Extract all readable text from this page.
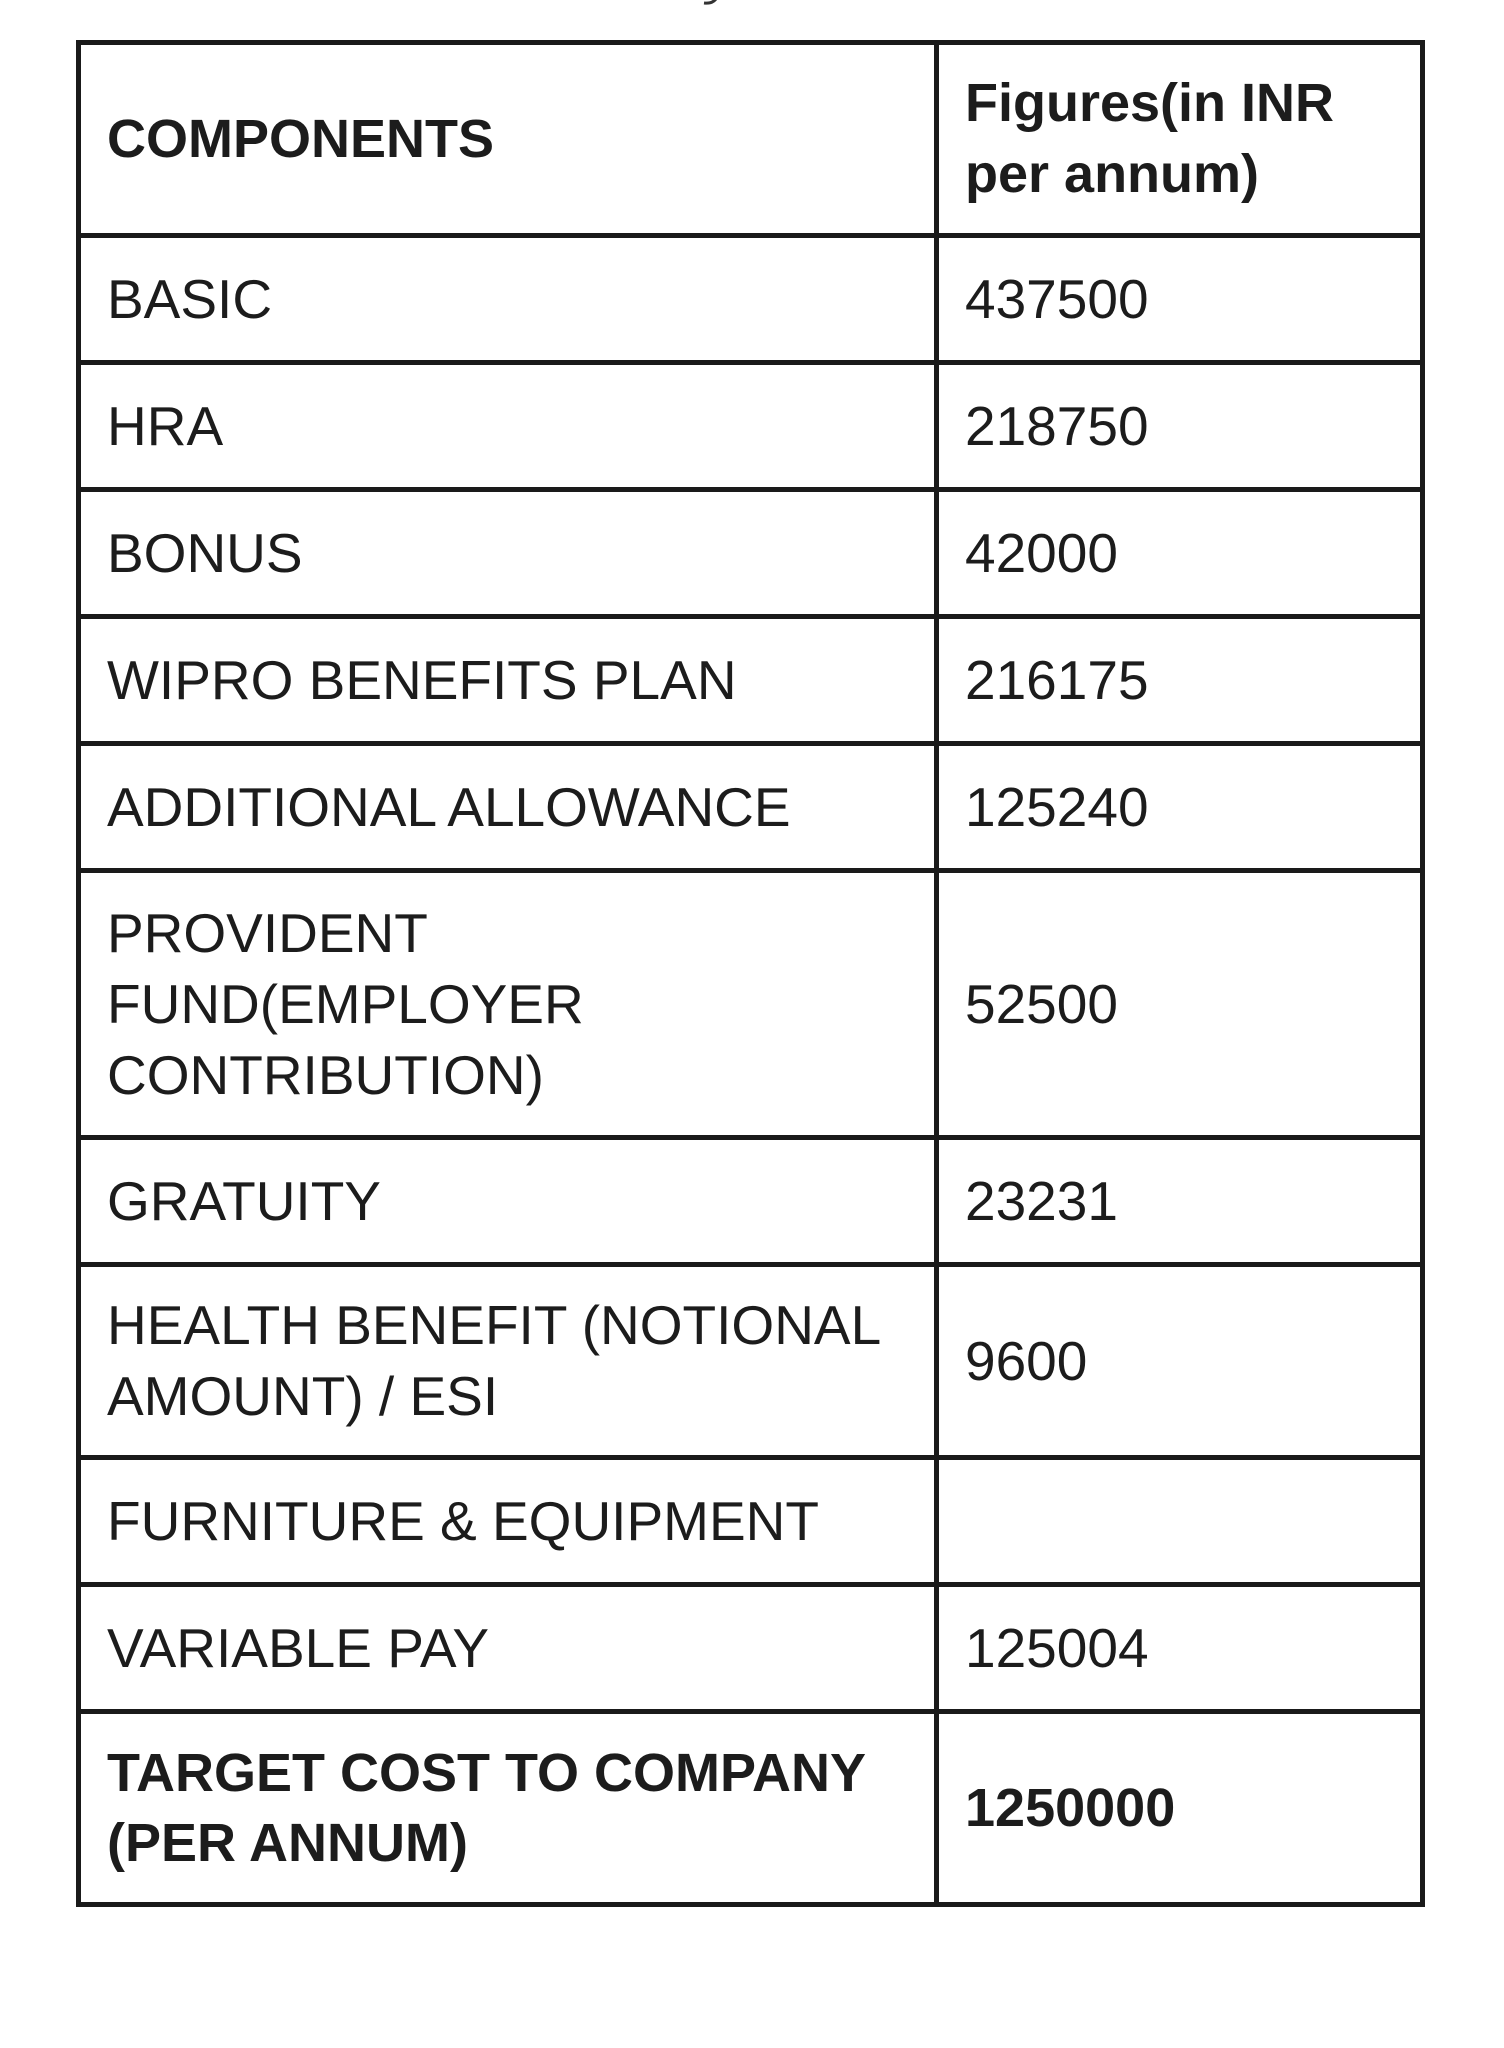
COMPONENTS	Figures(in INR per annum)
BASIC	437500
HRA	218750
BONUS	42000
WIPRO BENEFITS PLAN	216175
ADDITIONAL ALLOWANCE	125240
PROVIDENT FUND(EMPLOYER CONTRIBUTION)	52500
GRATUITY	23231
HEALTH BENEFIT (NOTIONAL AMOUNT) / ESI	9600
FURNITURE & EQUIPMENT	
VARIABLE PAY	125004
TARGET COST TO COMPANY (PER ANNUM)	1250000
